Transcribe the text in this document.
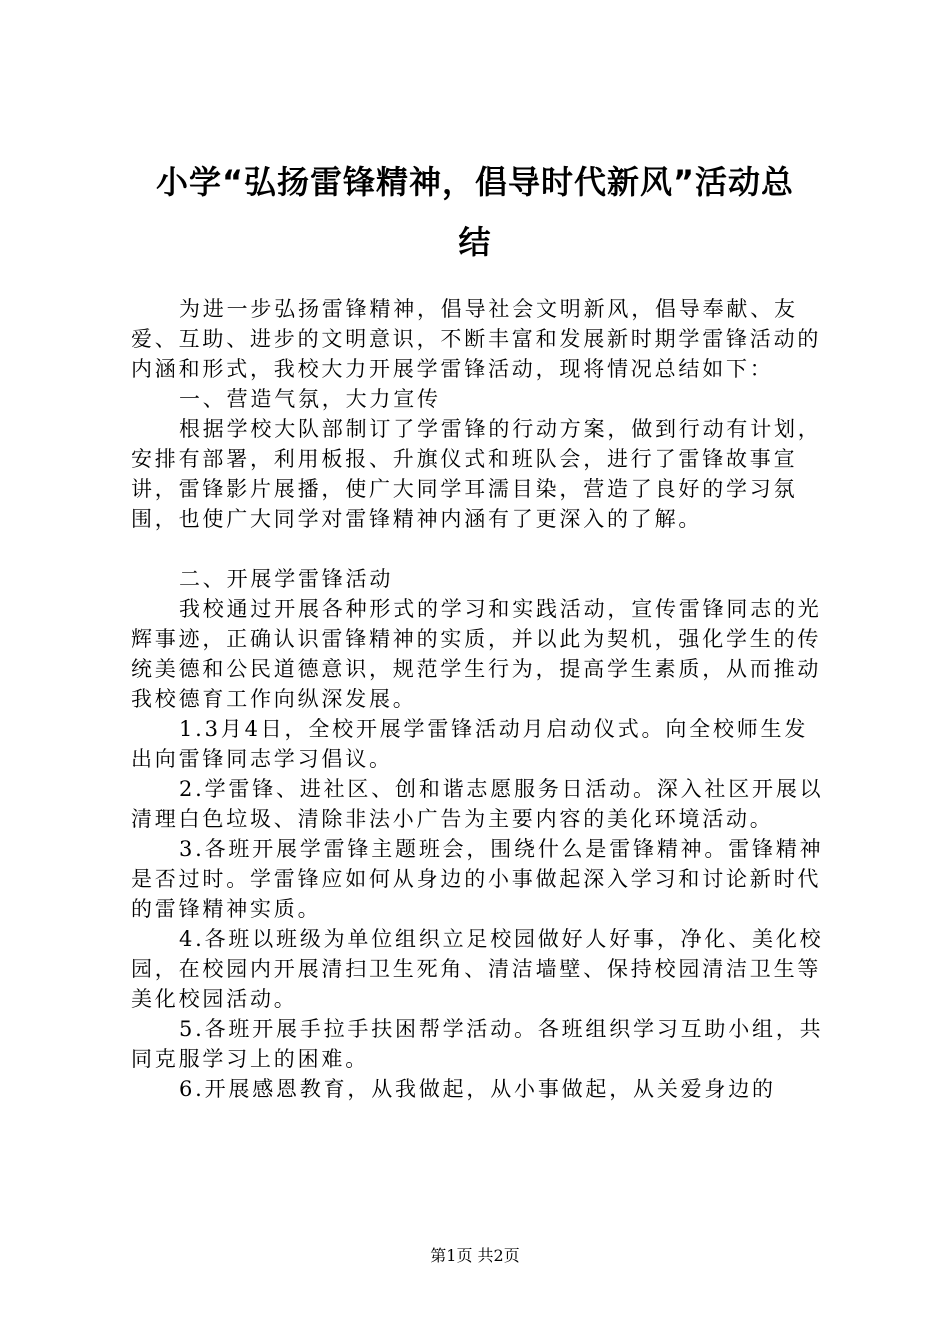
小学“弘扬雷锋精神，倡导时代新风”活动总
结

为进一步弘扬雷锋精神，倡导社会文明新风，倡导奉献、友爱、互助、进步的文明意识，不断丰富和发展新时期学雷锋活动的内涵和形式，我校大力开展学雷锋活动，现将情况总结如下：

一、营造气氛，大力宣传

根据学校大队部制订了学雷锋的行动方案，做到行动有计划，安排有部署，利用板报、升旗仪式和班队会，进行了雷锋故事宣讲，雷锋影片展播，使广大同学耳濡目染，营造了良好的学习氛围，也使广大同学对雷锋精神内涵有了更深入的了解。

二、开展学雷锋活动

我校通过开展各种形式的学习和实践活动，宣传雷锋同志的光辉事迹，正确认识雷锋精神的实质，并以此为契机，强化学生的传统美德和公民道德意识，规范学生行为，提高学生素质，从而推动我校德育工作向纵深发展。

1.3月4日，全校开展学雷锋活动月启动仪式。向全校师生发出向雷锋同志学习倡议。

2.学雷锋、进社区、创和谐志愿服务日活动。深入社区开展以清理白色垃圾、清除非法小广告为主要内容的美化环境活动。

3.各班开展学雷锋主题班会，围绕什么是雷锋精神。雷锋精神是否过时。学雷锋应如何从身边的小事做起深入学习和讨论新时代的雷锋精神实质。

4.各班以班级为单位组织立足校园做好人好事，净化、美化校园，在校园内开展清扫卫生死角、清洁墙壁、保持校园清洁卫生等美化校园活动。

5.各班开展手拉手扶困帮学活动。各班组织学习互助小组，共同克服学习上的困难。

6.开展感恩教育，从我做起，从小事做起，从关爱身边的

第1页 共2页
